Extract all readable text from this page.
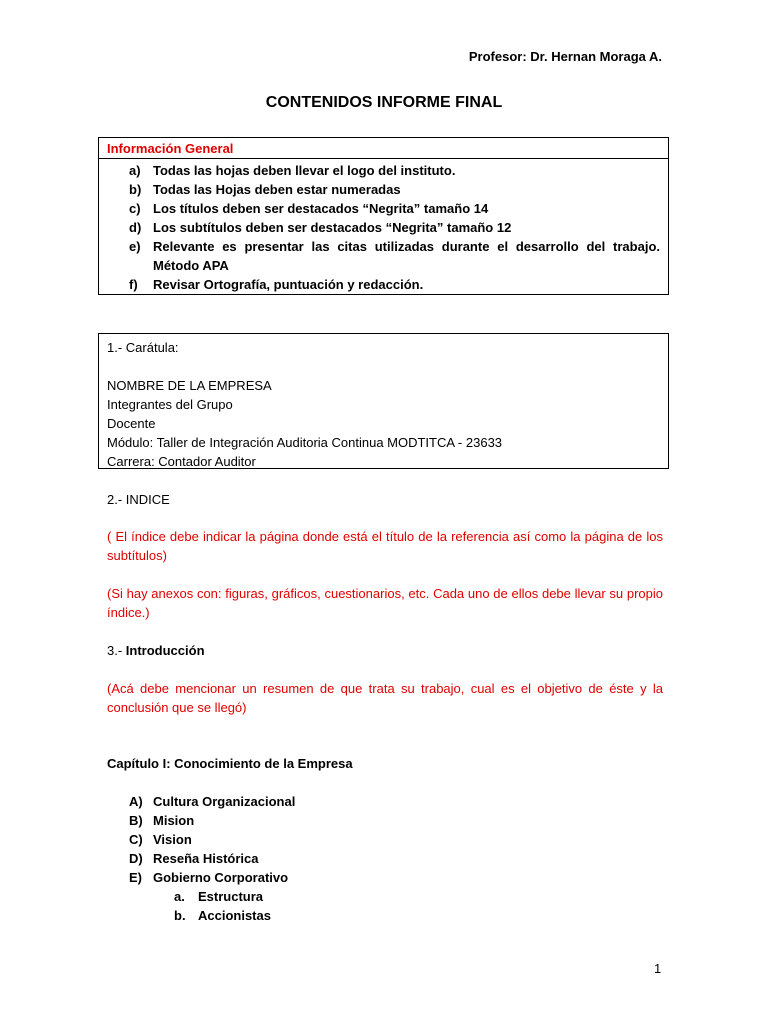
Profesor: Dr. Hernan Moraga A.
CONTENIDOS INFORME FINAL
Información General
a) Todas las hojas deben llevar el logo del instituto.
b) Todas las Hojas deben estar numeradas
c) Los títulos deben ser destacados “Negrita” tamaño 14
d) Los subtítulos deben ser destacados “Negrita” tamaño 12
e) Relevante es presentar las citas utilizadas durante el desarrollo del trabajo. Método APA
f) Revisar Ortografía, puntuación y redacción.
1.- Carátula:
NOMBRE DE LA EMPRESA
Integrantes del Grupo
Docente
Módulo: Taller de Integración Auditoria Continua MODTITCA - 23633
Carrera: Contador Auditor
2.- INDICE
( El índice debe indicar la página donde está el título de la referencia así como la página de los subtítulos)
(Si hay anexos con: figuras, gráficos, cuestionarios, etc. Cada uno de ellos debe llevar su propio índice.)
3.- Introducción
(Acá debe mencionar un resumen de que trata su trabajo, cual es el objetivo de éste y la conclusión que se llegó)
Capítulo I: Conocimiento de la Empresa
A) Cultura Organizacional
B) Mision
C) Vision
D) Reseña Histórica
E) Gobierno Corporativo
a. Estructura
b. Accionistas
1
